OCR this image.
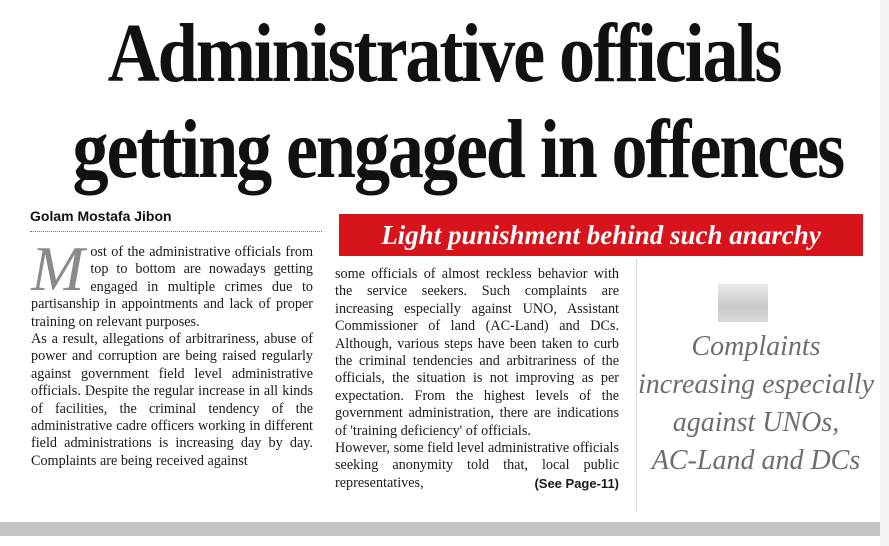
Administrative officials
getting engaged in offences
Golam Mostafa Jibon

Most of the administrative officials from top to bottom are nowadays getting engaged in multiple crimes due to partisanship in appointments and lack of proper training on relevant purposes.

As a result, allegations of arbitrariness, abuse of power and corruption are being raised regularly against government field level administrative officials. Despite the regular increase in all kinds of facilities, the criminal tendency of the administrative cadre officers working in different field administrations is increasing day by day. Complaints are being received against

Light punishment behind such anarchy

some officials of almost reckless behavior with the service seekers. Such complaints are increasing especially against UNO, Assistant Commissioner of land (AC-Land) and DCs. Although, various steps have been taken to curb the criminal tendencies and arbitrariness of the officials, the situation is not improving as per expectation. From the highest levels of the government administration, there are indications of 'training deficiency' of officials.

However, some field level administrative officials seeking anonymity told that, local public representatives,	(See Page-11)

Complaints
increasing especially
against UNOs,
AC-Land and DCs
